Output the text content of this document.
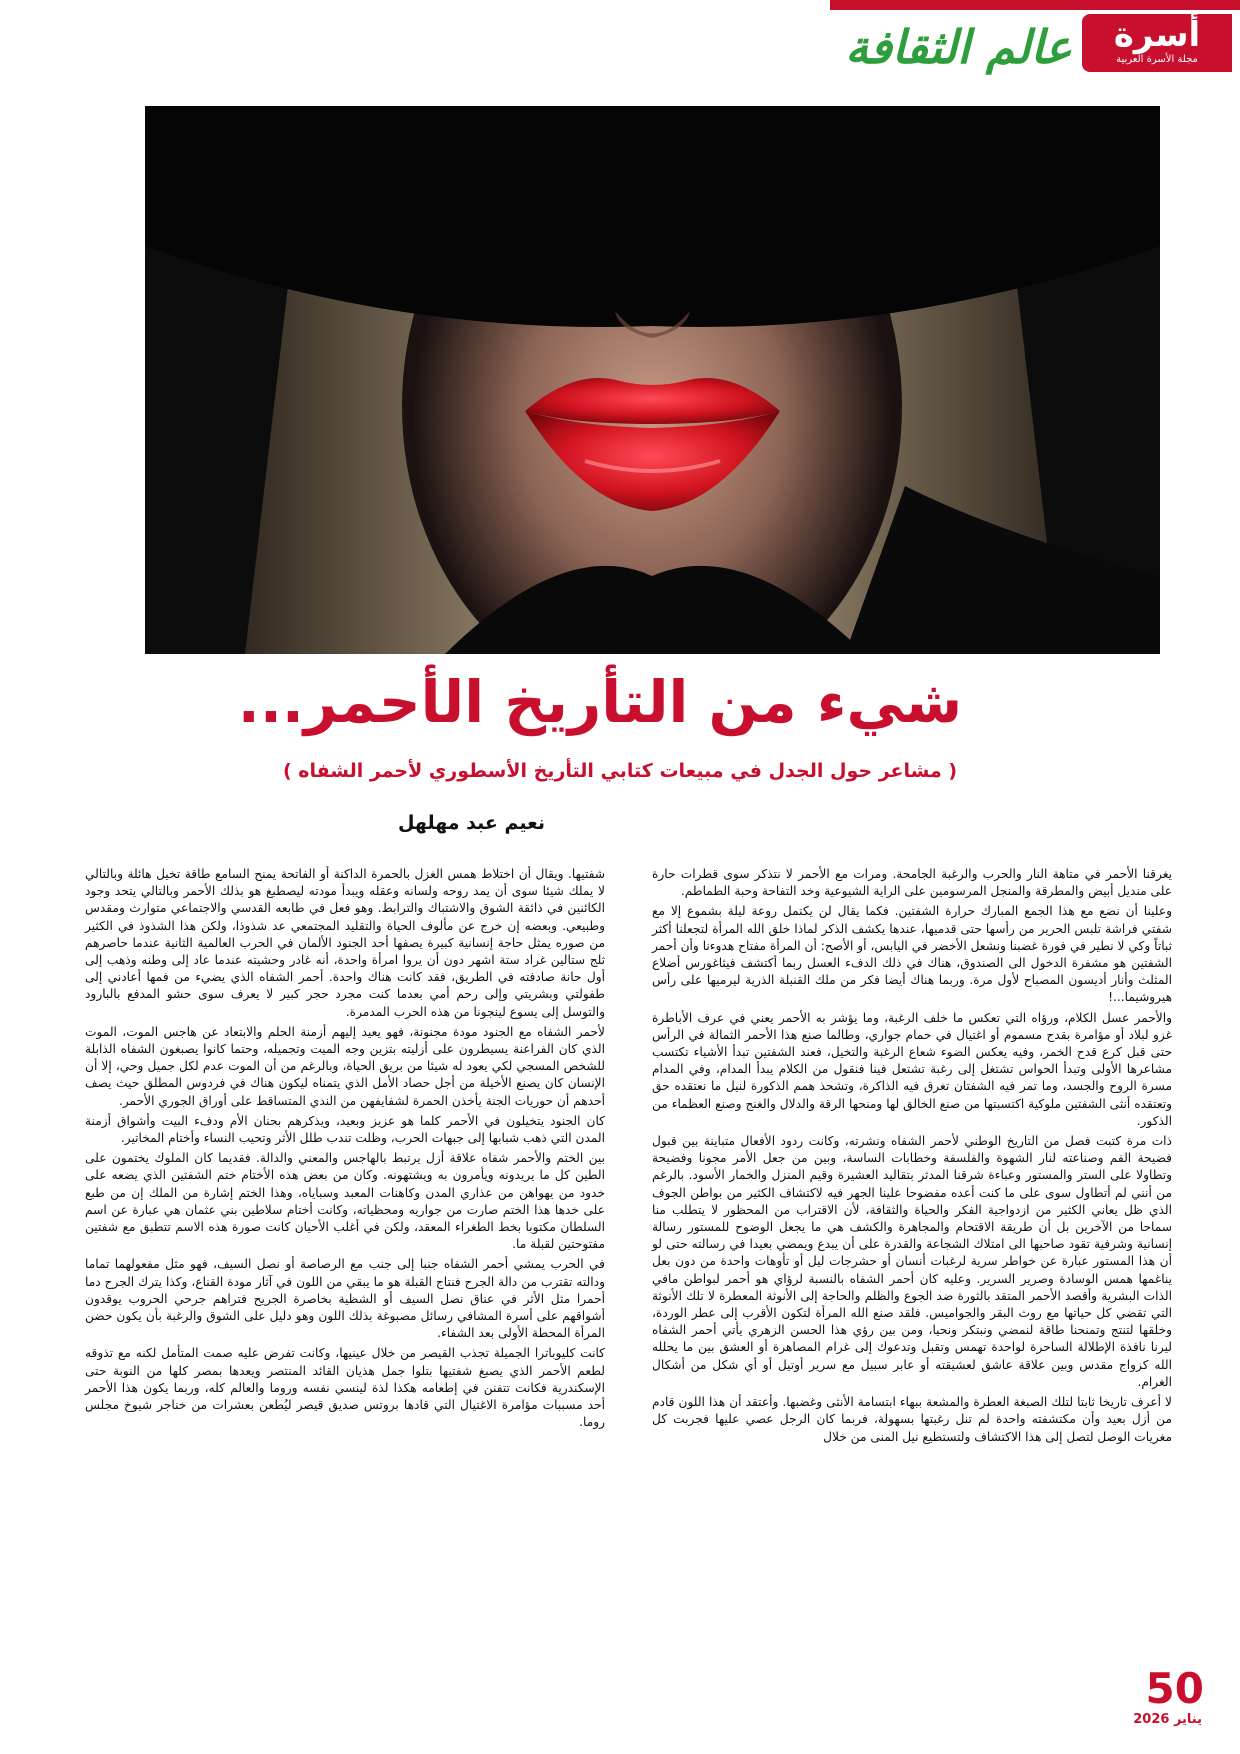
أسرة
مجلة الأسرة العربية
عالم الثقافة
شيء من التأريخ الأحمر...
( مشاعر حول الجدل في مبيعات كتابي التأريخ الأسطوري لأحمر الشفاه )
نعيم عبد مهلهل

يغرقنا الأحمر في متاهة النار والحرب والرغبة الجامحة. ومرات مع الأحمر لا نتذكر سوى قطرات حارة على منديل أبيض والمطرقة والمنجل المرسومين على الراية الشيوعية وخد التفاحة وحبة الطماطم.

وعلينا أن نضع مع هذا الجمع المبارك حرارة الشفتين. فكما يقال لن يكتمل روعة ليلة بشموع إلا مع شفتي فراشة تلبس الحرير من رأسها حتى قدميها، عندها يكشف الذكر لماذا خلق الله المرأة لتجعلنا أكثر ثباتاً وكي لا نطير في فورة غضبنا ونشعل الأخضر في اليابس، أو الأصح: أن المرأة مفتاح هدوءنا وأن أحمر الشفتين هو مشفرة الدخول الى الصندوق، هناك في ذلك الدفء العسل ربما أكتشف فيثاغورس أضلاع المثلث وأنار أديسون المصباح لأول مرة. وربما هناك أيضا فكر من ملك القنبلة الذرية ليرميها على رأس هيروشيما...!

والأحمر عسل الكلام، ورؤاه التي تعكس ما خلف الرغبة، وما يؤشر به الأحمر يعني في عرف الأباطرة غزو لبلاد أو مؤامرة بقدح مسموم أو اغتيال في حمام جواري، وطالما صنع هذا الأحمر الثمالة في الرأس حتى قبل كرع قدح الخمر، وفيه يعكس الضوء شعاع الرغبة والتخيل، فعند الشفتين تبدأ الأشياء تكتسب مشاعرها الأولى وتبدأ الحواس تشتغل إلى رغبة تشتعل فينا فنقول من الكلام يبدأ المدام، وفي المدام مسرة الروح والجسد، وما تمر فيه الشفتان تغرق فيه الذاكرة، وتشحذ همم الذكورة لنيل ما نعتقده حق وتعتقده أنثى الشفتين ملوكية اكتسبتها من صنع الخالق لها ومنحها الرقة والدلال والغنج وصنع العظماء من الذكور.

ذات مرة كتبت فصل من التاريخ الوطني لأحمر الشفاه ونشرته، وكانت ردود الأفعال متباينة بين قبول فضيحة الفم وصناعته لنار الشهوة والفلسفة وخطابات الساسة، وبين من جعل الأمر مجونا وفضيحة وتطاولا على الستر والمستور وعباءة شرقنا المدثر بتقاليد العشيرة وقيم المنزل والخمار الأسود. بالرغم من أنني لم أتطاول سوى على ما كنت أعده مفضوحا علينا الجهر فيه لاكتشاف الكثير من بواطن الجوف الذي ظل يعاني الكثير من ازدواجية الفكر والحياة والثقافة، لأن الاقتراب من المحظور لا يتطلب منا سماحا من الآخرين بل أن طريقة الاقتحام والمجاهرة والكشف هي ما يجعل الوضوح للمستور رسالة إنسانية وشرفية تقود صاحبها الى امتلاك الشجاعة والقدرة على أن يبدع ويمضي بعيدا في رسالته حتى لو أن هذا المستور عبارة عن خواطر سرية لرغبات أنسان أو حشرجات ليل أو تأوهات واحدة من دون بعل يناغمها همس الوسادة وصرير السرير. وعليه كان أحمر الشفاه بالنسبة لرؤاي هو أحمر لبواطن مافي الذات البشرية وأقصد الأحمر المتقد بالثورة ضد الجوع والظلم والحاجة إلى الأنوثة المعطرة لا تلك الأنوثة التي تقضي كل حياتها مع روث البقر والجواميس. فلقد صنع الله المرأة لتكون الأقرب إلى عطر الوردة، وخلقها لتنتج وتمنحنا طاقة لنمضي ونبتكر ونحيا، ومن بين رؤي هذا الحسن الزهري يأتي أحمر الشفاه ليرنا نافذة الإطلالة الساحرة لواحدة تهمس وتقبل وتدعوك إلى غرام المصاهرة أو العشق بين ما يحلله الله كزواج مقدس وبين علاقة عاشق لعشيقته أو عابر سبيل مع سرير أوتيل أو أي شكل من أشكال الغرام.

لا أعرف تاريخا ثابتا لتلك الصبغة العطرة والمشعة ببهاء ابتسامة الأنثى وغضبها. وأعتقد أن هذا اللون قادم من أزل بعيد وأن مكتشفته واحدة لم تنل رغبتها بسهولة، فربما كان الرجل عصي عليها فجربت كل مغريات الوصل لتصل إلى هذا الاكتشاف ولتستطيع نيل المنى من خلال

شفتيها. ويقال أن اختلاط همس الغزل بالحمرة الداكنة أو الفاتحة يمنح السامع طاقة تخيل هائلة وبالتالي لا يملك شيئا سوى أن يمد روحه ولسانه وعقله ويبدأ مودته ليصطبغ هو بذلك الأحمر وبالتالي يتحد وجود الكائنين في ذائقة الشوق والاشتباك والترابط. وهو فعل في طابعه القدسي والاجتماعي متوارث ومقدس وطبيعي. وبعضه إن خرج عن مألوف الحياة والتقليد المجتمعي عد شذوذا، ولكن هذا الشذوذ في الكثير من صوره يمثل حاجة إنسانية كبيرة يصفها أحد الجنود الألمان في الحرب العالمية الثانية عندما حاصرهم ثلج ستالين غراد ستة اشهر دون أن يروا امرأة واحدة، أنه غادر وحشيته عندما عاد إلى وطنه وذهب إلى أول حانة صادفته في الطريق، فقد كانت هناك واحدة. أحمر الشفاه الذي يضيء من فمها أعادني إلى طفولتي وبشريتي وإلى رحم أمي بعدما كنت مجرد حجر كبير لا يعرف سوى حشو المدفع بالبارود والتوسل إلى يسوع لينجونا من هذه الحرب المدمرة.

لأحمر الشفاه مع الجنود مودة مجنونة، فهو يعيد إليهم أزمنة الحلم والابتعاد عن هاجس الموت، الموت الذي كان الفراعنة يسيطرون على أزليته بتزين وجه الميت وتجميله، وحتما كانوا يصبغون الشفاه الذابلة للشخص المسجي لكي يعود له شيئا من بريق الحياة، وبالرغم من أن الموت عدم لكل جميل وحي، إلا أن الإنسان كان يصنع الأخيلة من أجل حصاد الأمل الذي يتمناه ليكون هناك في فردوس المطلق حيث يصف أحدهم أن حوريات الجنة يأخذن الحمرة لشفايفهن من الندي المتساقط على أوراق الجوري الأحمر.

كان الجنود يتخيلون في الأحمر كلما هو عزيز وبعيد، ويذكرهم بحنان الأم ودفء البيت وأشواق أزمنة المدن التي ذهب شبابها إلى جبهات الحرب، وظلت تندب طلل الأثر وتحيب النساء وأختام المخاتير.

بين الختم والأحمر شفاه علاقة أزل يرتبط بالهاجس والمعني والدالة. فقديما كان الملوك يختمون على الطين كل ما يريدونه ويأمرون به ويشتهونه. وكان من بعض هذه الأختام ختم الشفتين الذي يضعه على خدود من يهواهن من عذاري المدن وكاهنات المعبد وسباياه، وهذا الختم إشارة من الملك إن من طبع على خدها هذا الختم صارت من جواريه ومحظياته، وكانت أختام سلاطين بني عثمان هي عبارة عن اسم السلطان مكتوبا بخط الطغراء المعقد، ولكن في أغلب الأحيان كانت صورة هذه الاسم تتطبق مع شفتين مفتوحتين لقبلة ما.

في الحرب يمشي أحمر الشفاه جنبا إلى جنب مع الرصاصة أو نصل السيف، فهو مثل مفعولهما تماما ودالته تقترب من دالة الجرح فنتاج القبلة هو ما يبقي من اللون في آثار مودة القناع، وكذا يترك الجرح دما أحمرا مثل الأثر في عناق نصل السيف أو الشظية بخاصرة الجريح فتراهم جرحي الحروب يوقدون أشواقهم على أسرة المشافي رسائل مصبوغة بذلك اللون وهو دليل على الشوق والرغبة بأن يكون حضن المرأة المحطة الأولى بعد الشفاء.

كانت كليوباترا الجميلة تجذب القيصر من خلال عينيها، وكانت تفرض عليه صمت المتأمل لكنه مع تذوقه لطعم الأحمر الذي يصبغ شفتيها بتلوا جمل هذيان القائد المنتصر ويعدها بمصر كلها من النوبة حتى الإسكندرية فكانت تتفنن في إطعامه هكذا لذة لينسي نفسه وروما والعالم كله، وربما يكون هذا الأحمر أحد مسببات مؤامرة الاغتيال التي قادها بروتس صديق قيصر ليُطعن بعشرات من خناجر شيوخ مجلس روما.

50
يناير 2026
